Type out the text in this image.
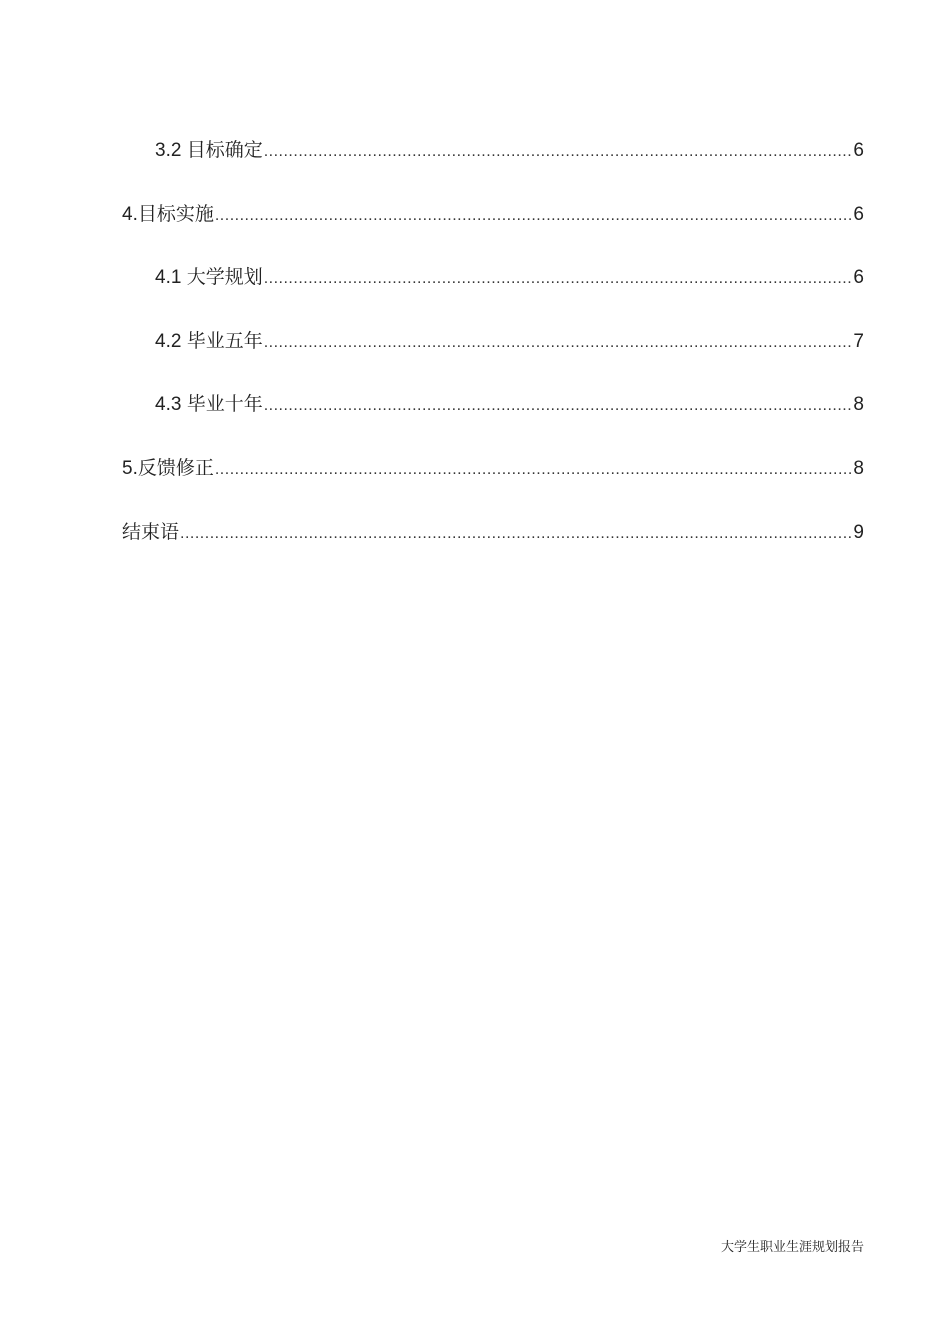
3.2 目标确定 .....	6
4.目标实施 .....	6
4.1 大学规划 .....	6
4.2 毕业五年 .....	7
4.3 毕业十年 .....	8
5.反馈修正 .....	8
结束语 .....	9
大学生职业生涯规划报告
